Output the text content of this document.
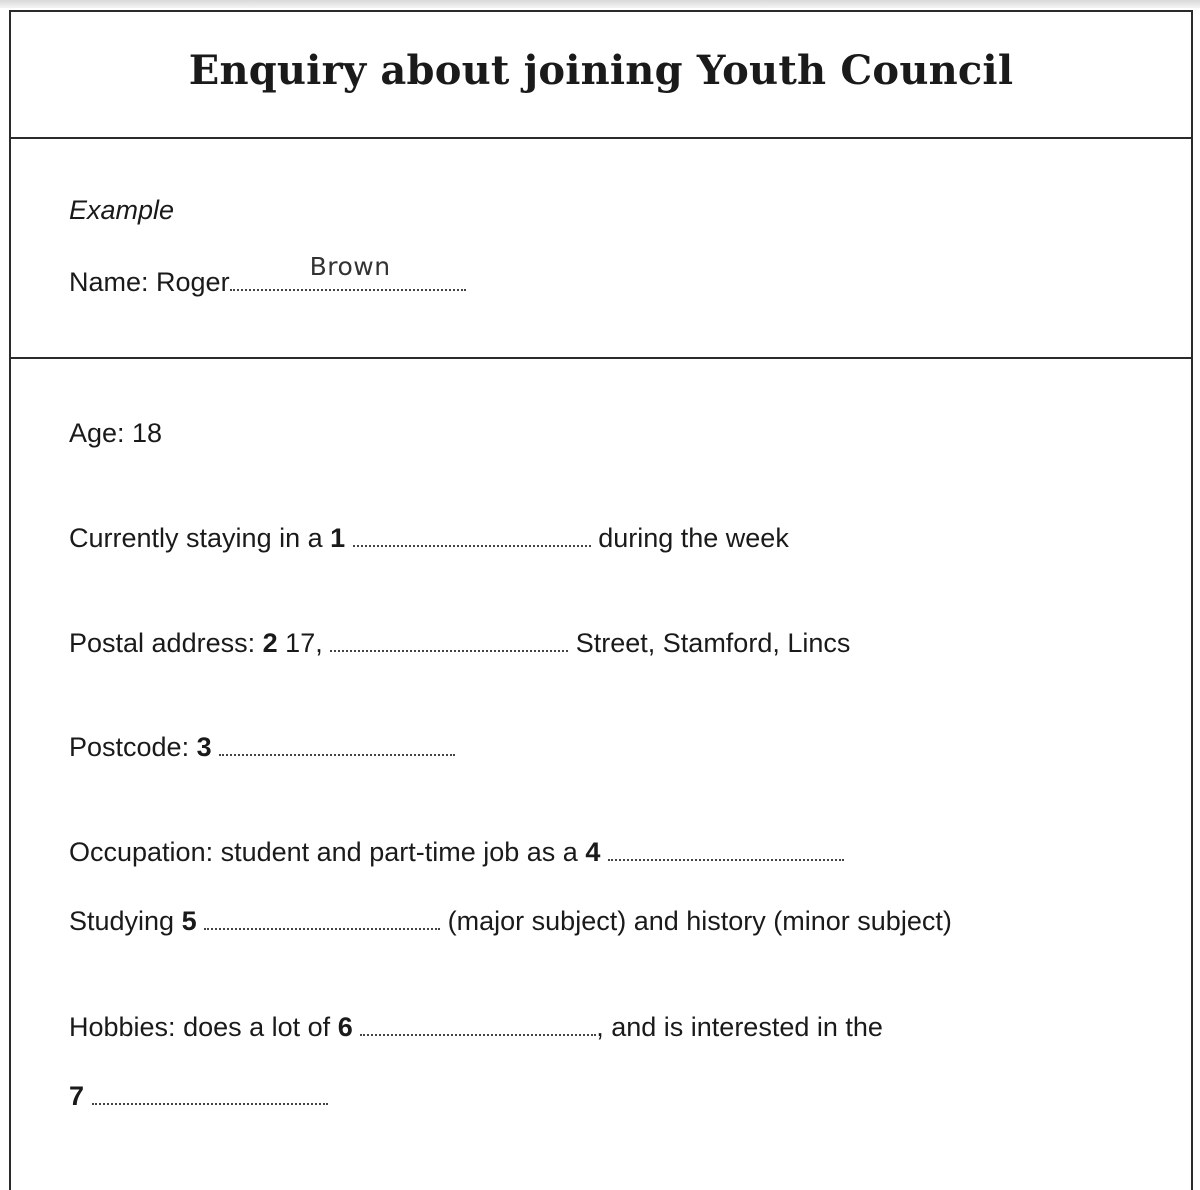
Enquiry about joining Youth Council
Example
Name: Roger
Brown
Age: 18
Currently staying in a 1	during the week
Postal address: 2 17,	Street, Stamford, Lincs
Postcode: 3
Occupation: student and part-time job as a 4
Studying 5	(major subject) and history (minor subject)
Hobbies: does a lot of 6	, and is interested in the
7
